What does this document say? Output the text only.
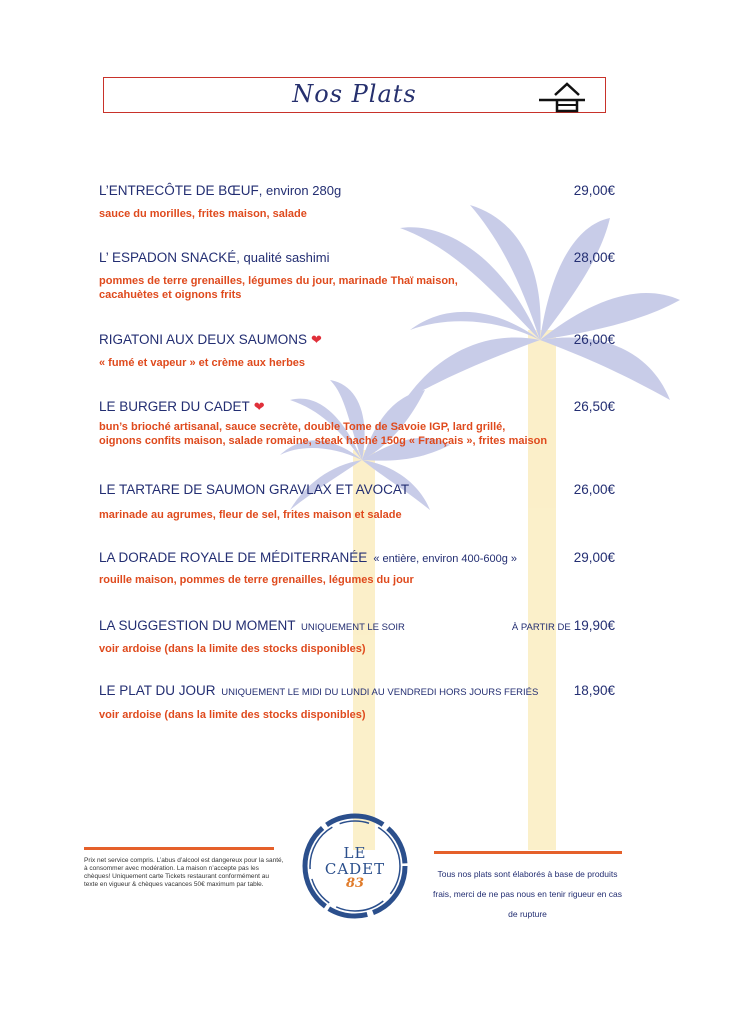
Nos Plats
L’ENTRECÔTE DE BŒUF, environ 280g	29,00€
sauce du morilles, frites maison, salade
L’ ESPADON SNACKÉ, qualité sashimi	28,00€
pommes de terre grenailles, légumes du jour, marinade Thaï maison,
cacahuètes et oignons frits
RIGATONI AUX DEUX SAUMONS ❤	26,00€
« fumé et vapeur » et crème aux herbes
LE BURGER DU CADET ❤	26,50€
bun’s brioché artisanal, sauce secrète, double Tome de Savoie IGP, lard grillé,
oignons confits maison, salade romaine, steak haché 150g « Français », frites maison
LE TARTARE DE SAUMON GRAVLAX ET AVOCAT	26,00€
marinade au agrumes, fleur de sel, frites maison et salade
LA DORADE ROYALE DE MÉDITERRANÉE « entière, environ 400-600g »	29,00€
rouille maison, pommes de terre grenailles, légumes du jour
LA SUGGESTION DU MOMENT UNIQUEMENT LE SOIR	À PARTIR DE 19,90€
voir ardoise (dans la limite des stocks disponibles)
LE PLAT DU JOUR UNIQUEMENT LE MIDI DU LUNDI AU VENDREDI HORS JOURS FERIÉS	18,90€
voir ardoise (dans la limite des stocks disponibles)
Prix net service compris. L’abus d’alcool est dangereux pour la santé, à consommer avec modération. La maison n’accepte pas les chèques! Uniquement carte Tickets restaurant conformément au texte en vigueur & chèques vacances 50€ maximum par table.
LE
CADET
83
Tous nos plats sont élaborés à base de produits frais, merci de ne pas nous en tenir rigueur en cas de rupture
